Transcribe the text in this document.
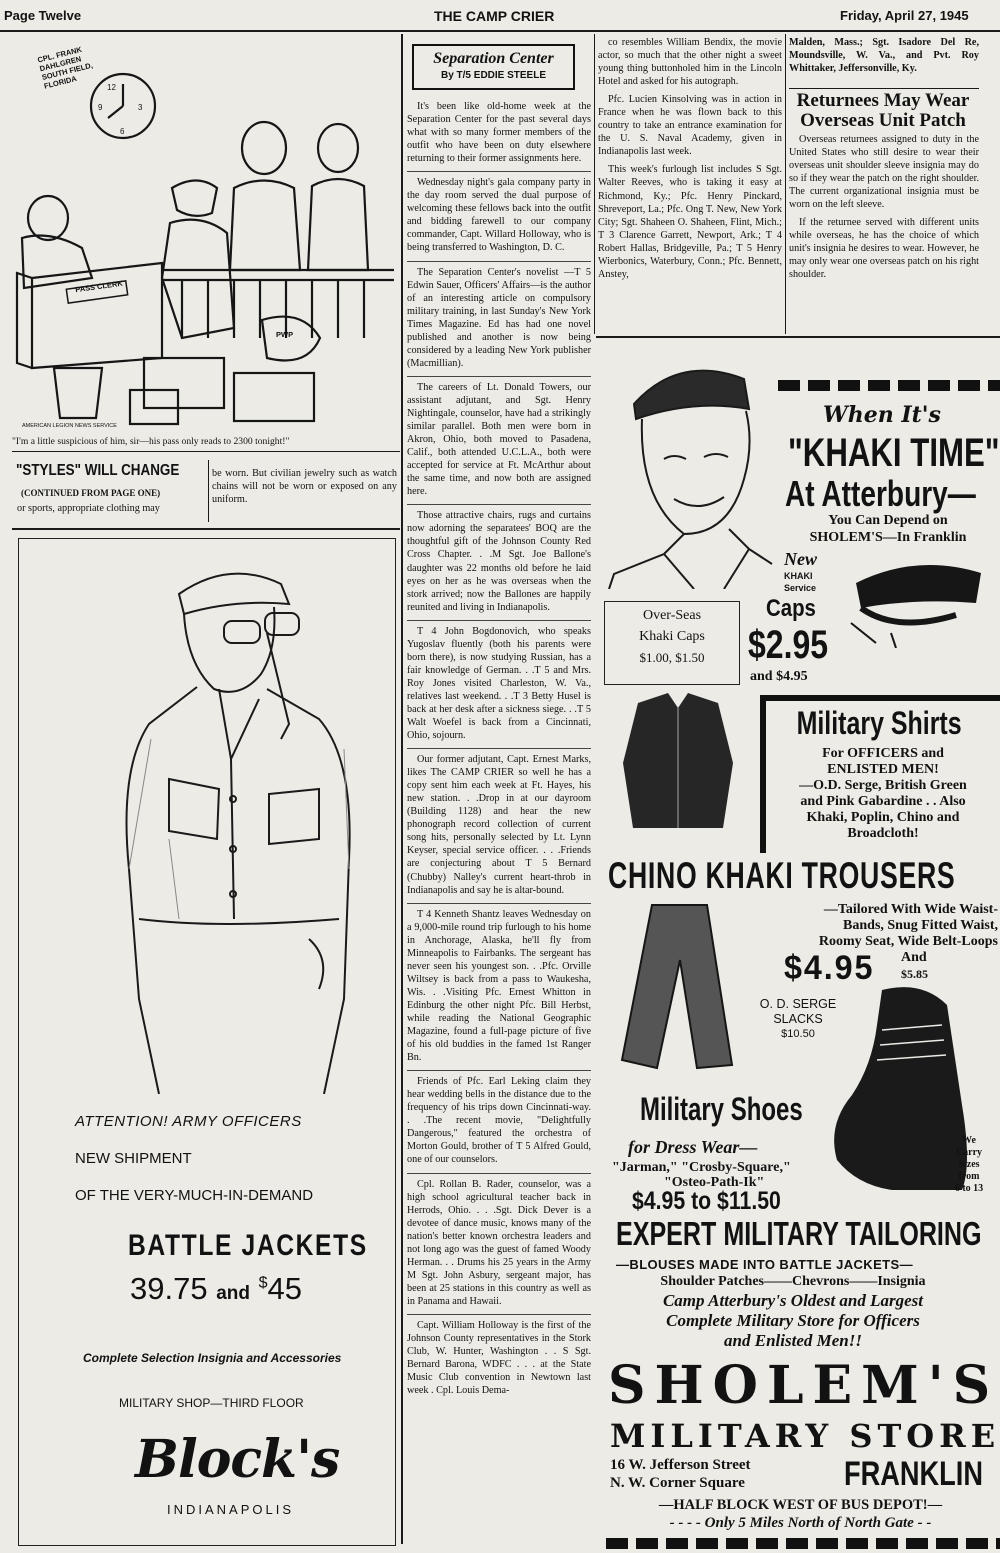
Page Twelve	THE CAMP CRIER	Friday, April 27, 1945
12
3
6
9
CPL. FRANK DAHLGREN SOUTH FIELD, FLORIDA
PASS CLERK
PWP
AMERICAN LEGION NEWS SERVICE
"I'm a little suspicious of him, sir—his pass only reads to 2300 tonight!"
"STYLES" WILL CHANGE
(CONTINUED FROM PAGE ONE)
or sports, appropriate clothing may
be worn. But civilian jewelry such as watch chains will not be worn or exposed on any uniform.
ATTENTION! ARMY OFFICERS
NEW SHIPMENT
OF THE VERY-MUCH-IN-DEMAND
BATTLE JACKETS
39.75 and $45
Complete Selection Insignia and Accessories
MILITARY SHOP—THIRD FLOOR
Block's
INDIANAPOLIS
Separation Center
By T/5 EDDIE STEELE

It's been like old-home week at the Separation Center for the past several days what with so many former members of the outfit who have been on duty elsewhere returning to their former assignments here.

Wednesday night's gala company party in the day room served the dual purpose of welcoming these fellows back into the outfit and bidding farewell to our company commander, Capt. Willard Holloway, who is being transferred to Washington, D. C.

The Separation Center's novelist —T 5 Edwin Sauer, Officers' Affairs—is the author of an interesting article on compulsory military training, in last Sunday's New York Times Magazine. Ed has had one novel published and another is now being considered by a leading New York publisher (Macmillian).

The careers of Lt. Donald Towers, our assistant adjutant, and Sgt. Henry Nightingale, counselor, have had a strikingly similar parallel. Both men were born in Akron, Ohio, both moved to Pasadena, Calif., both attended U.C.L.A., both were accepted for service at Ft. McArthur about the same time, and now both are assigned here.

Those attractive chairs, rugs and curtains now adorning the separatees' BOQ are the thoughtful gift of the Johnson County Red Cross Chapter. . .M Sgt. Joe Ballone's daughter was 22 months old before he laid eyes on her as he was overseas when the stork arrived; now the Ballones are happily reunited and living in Indianapolis.

T 4 John Bogdonovich, who speaks Yugoslav fluently (both his parents were born there), is now studying Russian, has a fair knowledge of German. . .T 5 and Mrs. Roy Jones visited Charleston, W. Va., relatives last weekend. . .T 3 Betty Husel is back at her desk after a sickness siege. . .T 5 Walt Woefel is back from a Cincinnati, Ohio, sojourn.

Our former adjutant, Capt. Ernest Marks, likes The CAMP CRIER so well he has a copy sent him each week at Ft. Hayes, his new station. . .Drop in at our dayroom (Building 1128) and hear the new phonograph record collection of current song hits, personally selected by Lt. Lynn Keyser, special service officer. . . .Friends are conjecturing about T 5 Bernard (Chubby) Nalley's current heart-throb in Indianapolis and say he is altar-bound.

T 4 Kenneth Shantz leaves Wednesday on a 9,000-mile round trip furlough to his home in Anchorage, Alaska, he'll fly from Minneapolis to Fairbanks. The sergeant has never seen his youngest son. . .Pfc. Orville Wiltsey is back from a pass to Waukesha, Wis. . .Visiting Pfc. Ernest Whitton in Edinburg the other night Pfc. Bill Herbst, while reading the National Geographic Magazine, found a full-page picture of five of his old buddies in the famed 1st Ranger Bn.

Friends of Pfc. Earl Leking claim they hear wedding bells in the distance due to the frequency of his trips down Cincinnati-way. . .The recent movie, "Delightfully Dangerous," featured the orchestra of Morton Gould, brother of T 5 Alfred Gould, one of our counselors.

Cpl. Rollan B. Rader, counselor, was a high school agricultural teacher back in Herrods, Ohio. . . .Sgt. Dick Dever is a devotee of dance music, knows many of the nation's better known orchestra leaders and not long ago was the guest of famed Woody Herman. . . Drums his 25 years in the Army M Sgt. John Asbury, sergeant major, has been at 25 stations in this country as well as in Panama and Hawaii.

Capt. William Holloway is the first of the Johnson County representatives in the Stork Club, W. Hunter, Washington . . S Sgt. Bernard Barona, WDFC . . . at the State Music Club convention in Newtown last week . Cpl. Louis Dema-

co resembles William Bendix, the movie actor, so much that the other night a sweet young thing buttonholed him in the Lincoln Hotel and asked for his autograph.

Pfc. Lucien Kinsolving was in action in France when he was flown back to this country to take an entrance examination for the U. S. Naval Academy, given in Indianapolis last week.

This week's furlough list includes S Sgt. Walter Reeves, who is taking it easy at Richmond, Ky.; Pfc. Henry Pinckard, Shreveport, La.; Pfc. Ong T. New, New York City; Sgt. Shaheen O. Shaheen, Flint, Mich.; T 3 Clarence Garrett, Newport, Ark.; T 4 Robert Hallas, Bridgeville, Pa.; T 5 Henry Wierbonics, Waterbury, Conn.; Pfc. Bennett, Anstey,

Malden, Mass.; Sgt. Isadore Del Re, Moundsville, W. Va., and Pvt. Roy Whittaker, Jeffersonville, Ky.
Returnees May Wear Overseas Unit Patch

Overseas returnees assigned to duty in the United States who still desire to wear their overseas unit shoulder sleeve insignia may do so if they wear the patch on the right shoulder. The current organizational insignia must be worn on the left sleeve.

If the returnee served with different units while overseas, he has the choice of which unit's insignia he desires to wear. However, he may only wear one overseas patch on his right shoulder.

When It's
"KHAKI TIME"
At Atterbury—
You Can Depend on
SHOLEM'S—In Franklin
Over-Seas
Khaki Caps
$1.00, $1.50
New
KHAKI
Service
Caps
$2.95
and $4.95
Military Shirts
For OFFICERS and
ENLISTED MEN!
—O.D. Serge, British Green
and Pink Gabardine . . Also
Khaki, Poplin, Chino and
Broadcloth!
CHINO KHAKI TROUSERS
—Tailored With Wide Waist-
Bands, Snug Fitted Waist,
Roomy Seat, Wide Belt-Loops
$4.95 And
$5.85
O. D. SERGE
SLACKS
$10.50
Military Shoes
for Dress Wear—
"Jarman," "Crosby-Square,"
"Osteo-Path-Ik"
$4.95 to $11.50
We
Carry
Sizes
from
6 to 13
EXPERT MILITARY TAILORING
—BLOUSES MADE INTO BATTLE JACKETS—
Shoulder Patches——Chevrons——Insignia
Camp Atterbury's Oldest and Largest
Complete Military Store for Officers
and Enlisted Men!!
SHOLEM'S
MILITARY STORE
16 W. Jefferson Street
N. W. Corner Square	FRANKLIN
—HALF BLOCK WEST OF BUS DEPOT!—
- - - - Only 5 Miles North of North Gate - -
